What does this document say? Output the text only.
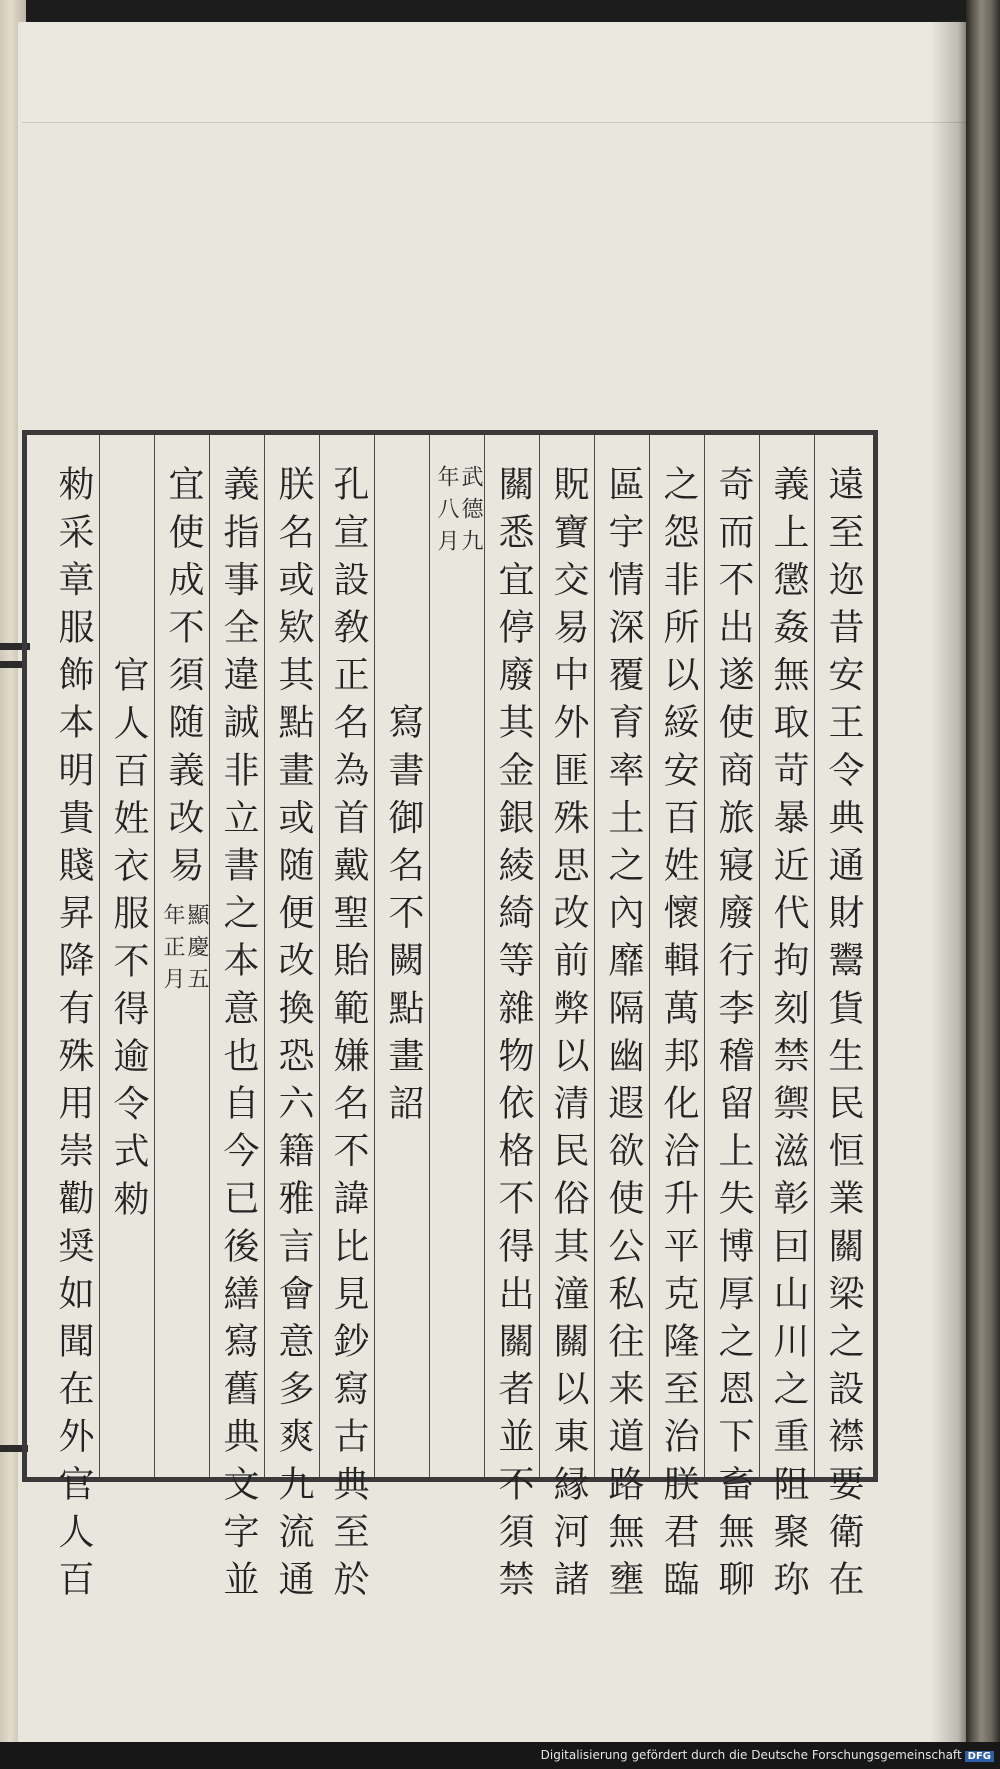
遠至迩昔安王令典通財鬻貨生民恒業關梁之設襟要衛在
義上懲姦無取苛暴近代拘刻禁禦滋彰囙山川之重阻聚珎
奇而不出遂使商旅寢廢行李稽留上失博厚之恩下畜無聊
之怨非所以綏安百姓懷輯萬邦化洽升平克隆至治朕君臨
區宇情深覆育率土之內靡隔幽遐欲使公私往来道路無壅
貺寶交易中外匪殊思改前弊以清民俗其潼關以東縁河諸
關悉宜停廢其金銀綾綺等雜物依格不得出關者並不須禁
武德九
年八月
寫書御名不闕點畫詔
孔宣設敎正名為首戴聖貽範嫌名不諱比見鈔寫古典至於
朕名或欵其點畫或随便改換恐六籍雅言會意多爽九流通
義指事全違誠非立書之本意也自今已後繕寫舊典文字並
宜使成不須随義改易
顯慶五
年正月
官人百姓衣服不得逾令式勑
勑采章服飾本明貴賤昇降有殊用崇勸奨如聞在外官人百
Digitalisierung gefördert durch die Deutsche Forschungsgemeinschaft DFG
